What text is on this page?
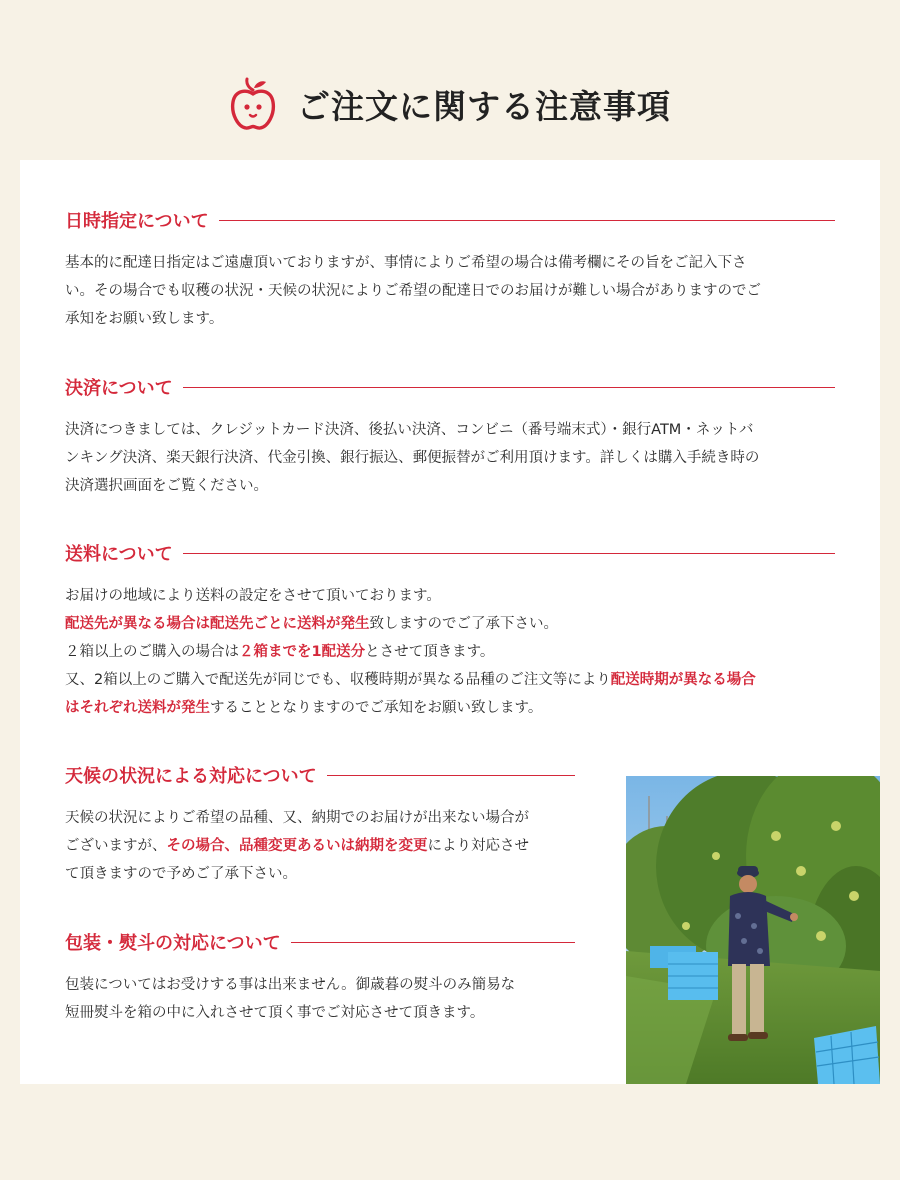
ご注文に関する注意事項
日時指定について

基本的に配達日指定はご遠慮頂いておりますが、事情によりご希望の場合は備考欄にその旨をご記入下さ

い。その場合でも収穫の状況・天候の状況によりご希望の配達日でのお届けが難しい場合がありますのでご

承知をお願い致します。

決済について

決済につきましては、クレジットカード決済、後払い決済、コンビニ（番号端末式）・銀行ATM・ネットバ

ンキング決済、楽天銀行決済、代金引換、銀行振込、郵便振替がご利用頂けます。詳しくは購入手続き時の

決済選択画面をご覧ください。

送料について

お届けの地域により送料の設定をさせて頂いております。

配送先が異なる場合は配送先ごとに送料が発生致しますのでご了承下さい。

２箱以上のご購入の場合は２箱までを1配送分とさせて頂きます。

又、2箱以上のご購入で配送先が同じでも、収穫時期が異なる品種のご注文等により配送時期が異なる場合

はそれぞれ送料が発生することとなりますのでご承知をお願い致します。

天候の状況による対応について

天候の状況によりご希望の品種、又、納期でのお届けが出来ない場合が

ございますが、その場合、品種変更あるいは納期を変更により対応させ

て頂きますので予めご了承下さい。

包装・熨斗の対応について

包装についてはお受けする事は出来ません。御歳暮の熨斗のみ簡易な

短冊熨斗を箱の中に入れさせて頂く事でご対応させて頂きます。
